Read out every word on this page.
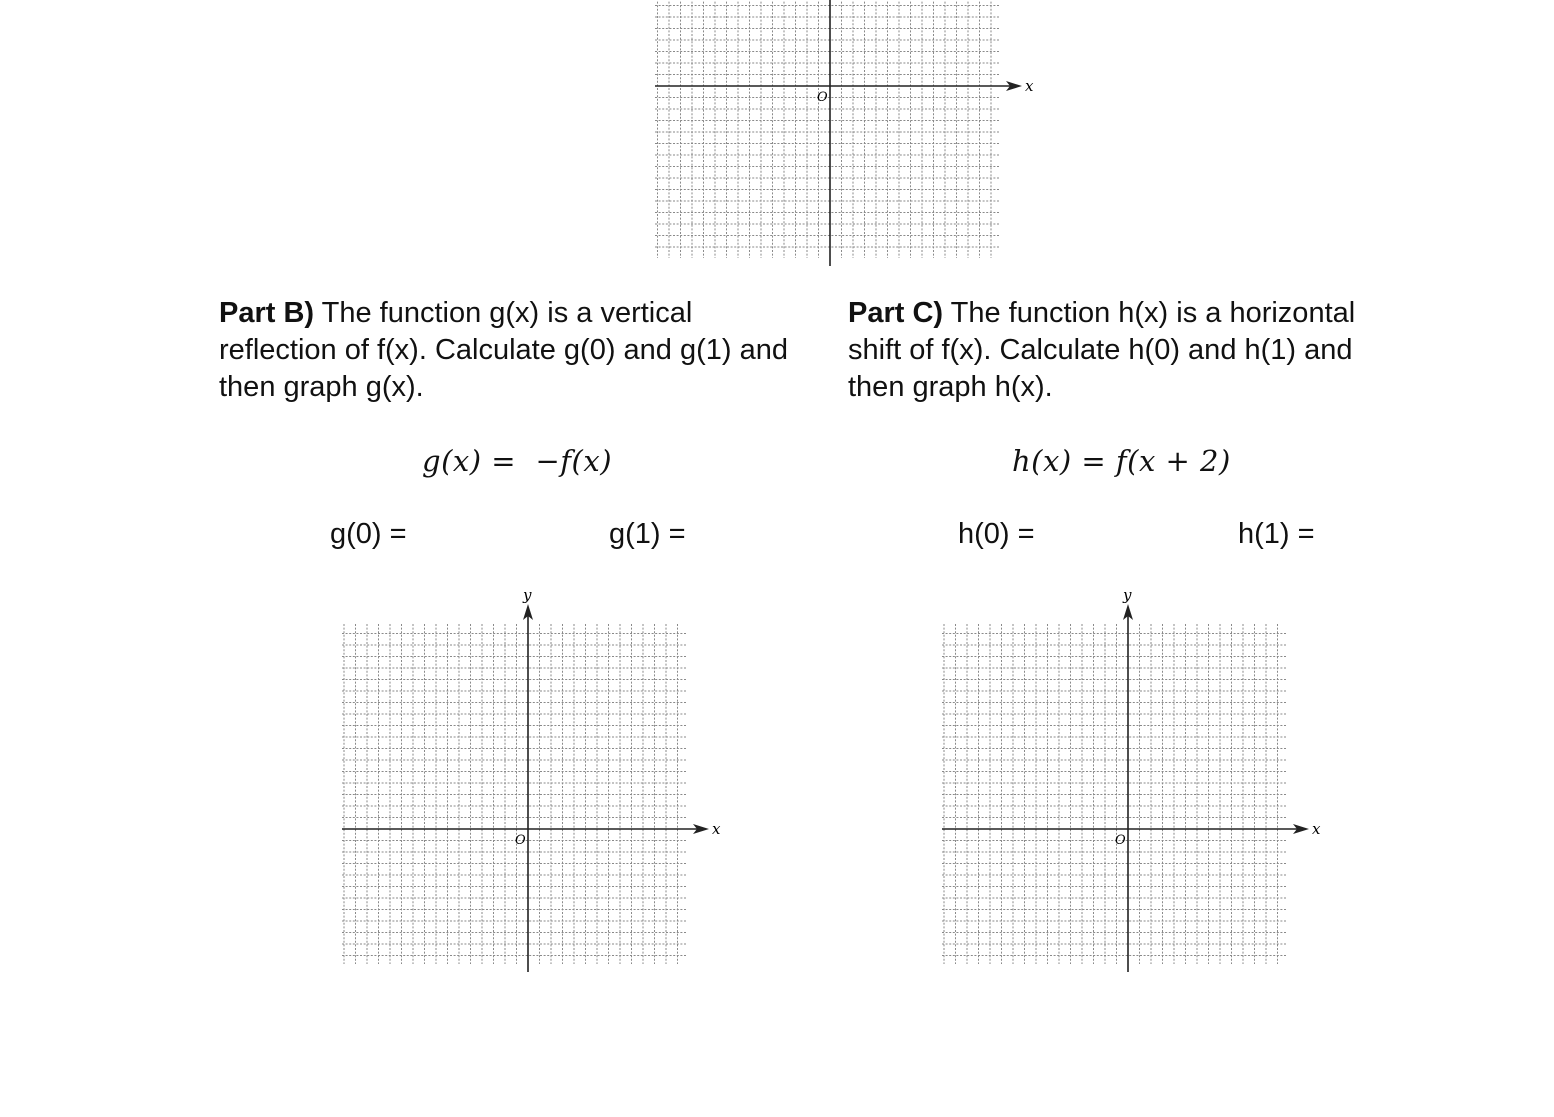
x
O
Part B) The function g(x) is a vertical reflection of f(x). Calculate g(0) and g(1) and then graph g(x).
g(x) =  −f(x)
g(0) =	g(1) =
x
y
O
Part C) The function h(x) is a horizontal shift of f(x). Calculate h(0) and h(1) and then graph h(x).
h(x) = f(x + 2)
h(0) =	h(1) =
x
y
O
